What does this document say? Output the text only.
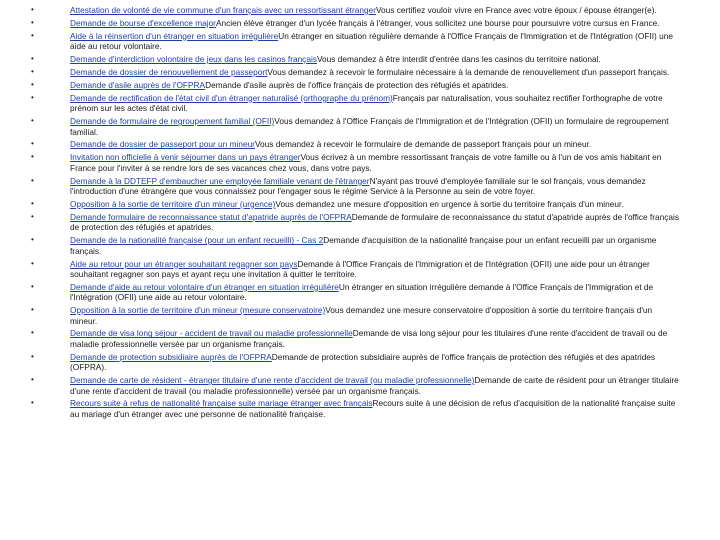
•	Attestation de volonté de vie commune d'un français avec un ressortissant étrangerVous certifiez vouloir vivre en France avec votre époux / épouse étranger(e).
•	Demande de bourse d'excellence majorAncien élève étranger d'un lycée français à l'étranger, vous sollicitez une bourse pour poursuivre votre cursus en France.
•	Aide à la réinsertion d'un étranger en situation irrégulièreUn étranger en situation régulière demande à l'Office Français de l'Immigration et de l'Intégration (OFII) une aide au retour volontaire.
•	Demande d'interdiction volontaire de jeux dans les casinos françaisVous demandez à être interdit d'entrée dans les casinos du territoire national.
•	Demande de dossier de renouvellement de passeportVous demandez à recevoir le formulaire nécessaire à la demande de renouvellement d'un passeport français.
•	Demande d'asile auprès de l'OFPRADemande d'asile auprès de l'office français de protection des réfugiés et apatrides.
•	Demande de rectification de l'état civil d'un étranger naturalisé (orthographe du prénom)Français par naturalisation, vous souhaitez rectifier l'orthographe de votre prénom sur les actes d'état civil.
•	Demande de formulaire de regroupement familial (OFII)Vous demandez à l'Office Français de l'Immigration et de l'Intégration (OFII) un formulaire de regroupement familial.
•	Demande de dossier de passeport pour un mineurVous demandez à recevoir le formulaire de demande de passeport français pour un mineur.
•	Invitation non officielle à venir séjourner dans un pays étrangerVous écrivez à un membre ressortissant français de votre famille ou à l'un de vos amis habitant en France pour l'inviter à se rendre lors de ses vacances chez vous, dans votre pays.
•	Demande à la DDTEFP d'embaucher une employée familiale venant de l'étrangerN'ayant pas trouvé d'employée familiale sur le sol français, vous demandez l'introduction d'une étrangère que vous connaissez pour l'engager sous le régime Service à la Personne au sein de votre foyer.
•	Opposition à la sortie de territoire d'un mineur (urgence)Vous demandez une mesure d'opposition en urgence à sortie du territoire français d'un mineur.
•	Demande formulaire de reconnaissance statut d'apatride auprès de l'OFPRADemande de formulaire de reconnaissance du statut d'apatride auprès de l'office français de protection des réfugiés et apatrides.
•	Demande de la nationalité française (pour un enfant recueilli) - Cas 2Demande d'acquisition de la nationalité française pour un enfant recueilli par un organisme français.
•	Aide au retour pour un étranger souhaitant regagner son paysDemande à l'Office Français de l'Immigration et de l'Intégration (OFII) une aide pour un étranger souhaitant regagner son pays et ayant reçu une invitation à quitter le territoire.
•	Demande d'aide au retour volontaire d'un étranger en situation irrégulièreUn étranger en situation irrégulière demande à l'Office Français de l'Immigration et de l'Intégration (OFII) une aide au retour volontaire.
•	Opposition à la sortie de territoire d'un mineur (mesure conservatoire)Vous demandez une mesure conservatoire d'opposition à sortie du territoire français d'un mineur.
•	Demande de visa long séjour - accident de travail ou maladie professionnelleDemande de visa long séjour pour les titulaires d'une rente d'accident de travail ou de maladie professionnelle versée par un organisme français.
•	Demande de protection subsidiaire auprès de l'OFPRADemande de protection subsidiaire auprès de l'office français de protection des réfugiés et des apatrides (OFPRA).
•	Demande de carte de résident - étranger titulaire d'une rente d'accident de travail (ou maladie professionnelle)Demande de carte de résident pour un étranger titulaire d'une rente d'accident de travail (ou maladie professionnelle) versée par un organisme français.
•	Recours suite à refus de nationalité française suite mariage étranger avec françaisRecours suite à une décision de refus d'acquisition de la nationalité française suite au mariage d'un étranger avec une personne de nationalité française.
